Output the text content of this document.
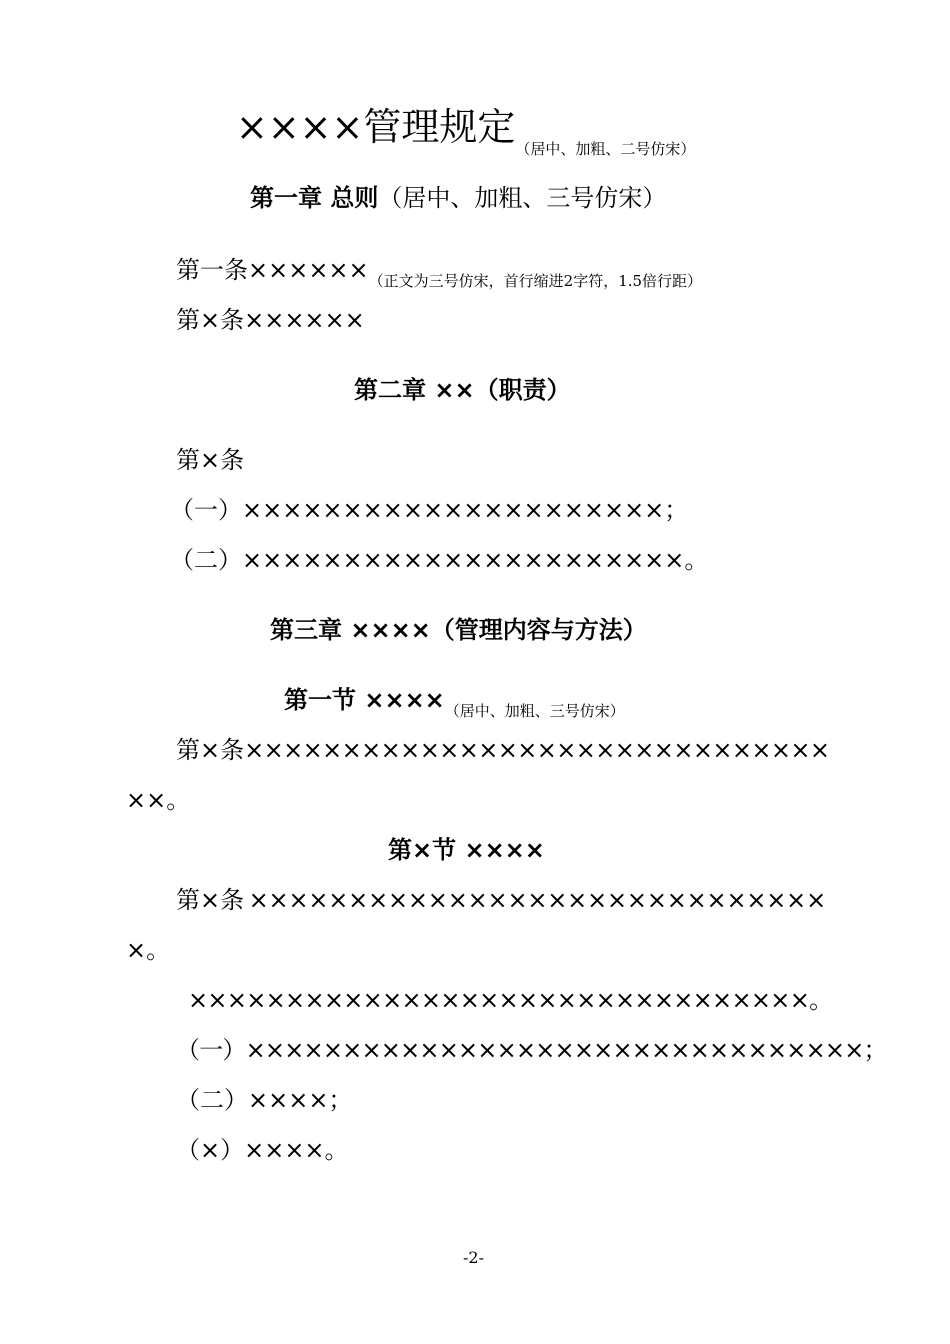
××××管理规定$_{(居中、加粗、二号仿宋)}$
第一章 总则（居中、加粗、三号仿宋）
第一条$\times\times\times\times\times\times_{(正文为三号仿宋,首行缩进2字符,1.5倍行距)}$
第×条××××××
第二章 ××（职责）
第×条
（一）×××××××××××××××××××××；
（二）××××××××××××××××××××××。
第三章 ××××（管理内容与方法）
第一节 $\times\times\times\times_{(居中、加粗、三号仿宋)}$
第×条 ××××××××××××××××××××××××××××××
××。
第×节 ××××
第×条 ×××××××××××××××××××××××××××××
×。
××××××××××××××××××××××××××××××××。
（一）××××××××××××××××××××××××××××××××；
（二）××××；
（×）××××。
-2-
